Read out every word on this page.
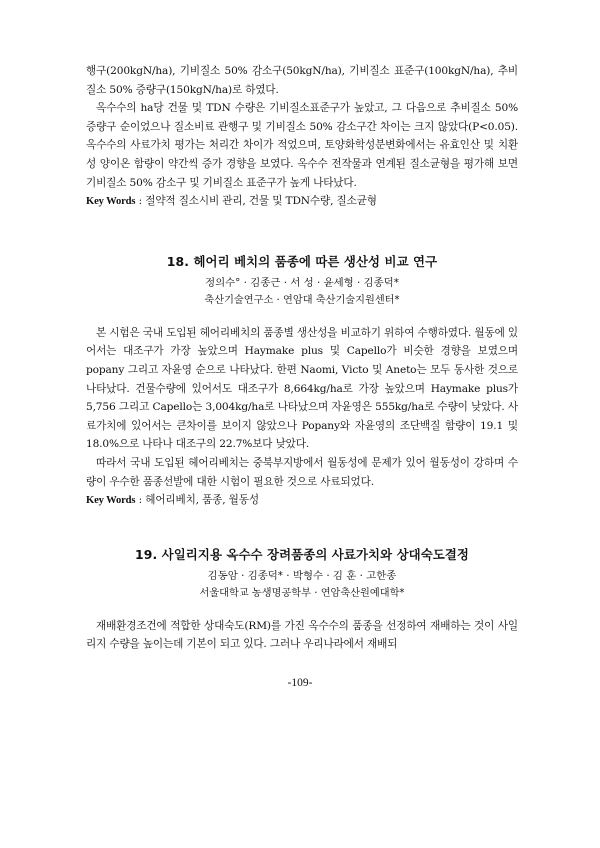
행구(200kgN/ha), 기비질소 50% 감소구(50kgN/ha), 기비질소 표준구(100kgN/ha), 추비질소 50% 증량구(150kgN/ha)로 하였다.

옥수수의 ha당 건물 및 TDN 수량은 기비질소표준구가 높았고, 그 다음으로 추비질소 50% 증량구 순이었으나 질소비료 관행구 및 기비질소 50% 감소구간 차이는 크지 않았다(P<0.05). 옥수수의 사료가치 평가는 처리간 차이가 적었으며, 토양화학성분변화에서는 유효인산 및 치환성 양이온 함량이 약간씩 증가 경향을 보였다. 옥수수 전작물과 연계된 질소균형을 평가해 보면 기비질소 50% 감소구 및 기비질소 표준구가 높게 나타났다.

Key Words : 절약적 질소시비 관리, 건물 및 TDN수량, 질소균형

18. 헤어리 베치의 품종에 따른 생산성 비교 연구

정의수° · 김종근 · 서 성 · 윤세형 · 김종덕*

축산기술연구소 · 연암대 축산기술지원센터*

본 시험은 국내 도입된 헤어리베치의 품종별 생산성을 비교하기 위하여 수행하였다. 월동에 있어서는 대조구가 가장 높았으며 Haymake plus 및 Capello가 비슷한 경향을 보였으며 popany 그리고 자윤영 순으로 나타났다. 한편 Naomi, Victo 및 Aneto는 모두 동사한 것으로 나타났다. 건물수량에 있어서도 대조구가 8,664kg/ha로 가장 높았으며 Haymake plus가 5,756 그리고 Capello는 3,004kg/ha로 나타났으며 자윤영은 555kg/ha로 수량이 낮았다. 사료가치에 있어서는 큰차이를 보이지 않았으나 Popany와 자윤영의 조단백질 함량이 19.1 및 18.0%으로 나타나 대조구의 22.7%보다 낮았다.

따라서 국내 도입된 헤어리베치는 중북부지방에서 월동성에 문제가 있어 월동성이 강하며 수량이 우수한 품종선발에 대한 시험이 필요한 것으로 사료되었다.

Key Words : 헤어리베치, 품종, 월동성

19. 사일리지용 옥수수 장려품종의 사료가치와 상대숙도결정

김동암 · 김종덕* · 박형수 · 김 훈 · 고한종

서울대학교 농생명공학부 · 연암축산원예대학*

재배환경조건에 적합한 상대숙도(RM)를 가진 옥수수의 품종을 선정하여 재배하는 것이 사일리지 수량을 높이는데 기본이 되고 있다. 그러나 우리나라에서 재배되

-109-
